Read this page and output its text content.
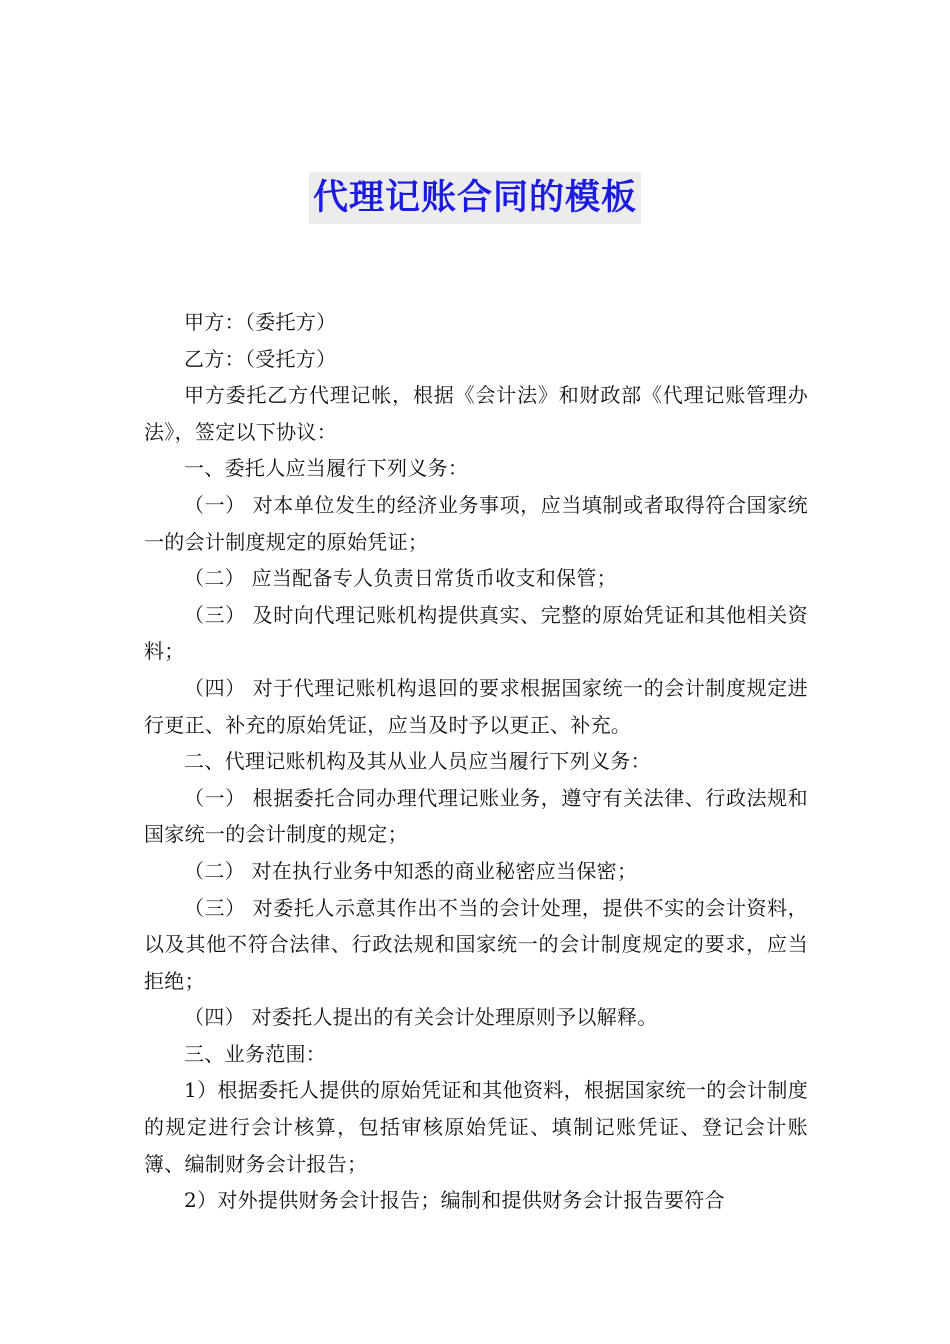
代理记账合同的模板

甲方：（委托方）

乙方：（受托方）

甲方委托乙方代理记帐，根据《会计法》和财政部《代理记账管理办法》，签定以下协议：

一、委托人应当履行下列义务：

（一） 对本单位发生的经济业务事项，应当填制或者取得符合国家统一的会计制度规定的原始凭证；

（二） 应当配备专人负责日常货币收支和保管；

（三） 及时向代理记账机构提供真实、完整的原始凭证和其他相关资料；

（四） 对于代理记账机构退回的要求根据国家统一的会计制度规定进行更正、补充的原始凭证，应当及时予以更正、补充。

二、代理记账机构及其从业人员应当履行下列义务：

（一） 根据委托合同办理代理记账业务，遵守有关法律、行政法规和国家统一的会计制度的规定；

（二） 对在执行业务中知悉的商业秘密应当保密；

（三） 对委托人示意其作出不当的会计处理，提供不实的会计资料，以及其他不符合法律、行政法规和国家统一的会计制度规定的要求，应当拒绝；

（四） 对委托人提出的有关会计处理原则予以解释。

三、业务范围：

1）根据委托人提供的原始凭证和其他资料，根据国家统一的会计制度的规定进行会计核算，包括审核原始凭证、填制记账凭证、登记会计账簿、编制财务会计报告；

2）对外提供财务会计报告；编制和提供财务会计报告要符合
